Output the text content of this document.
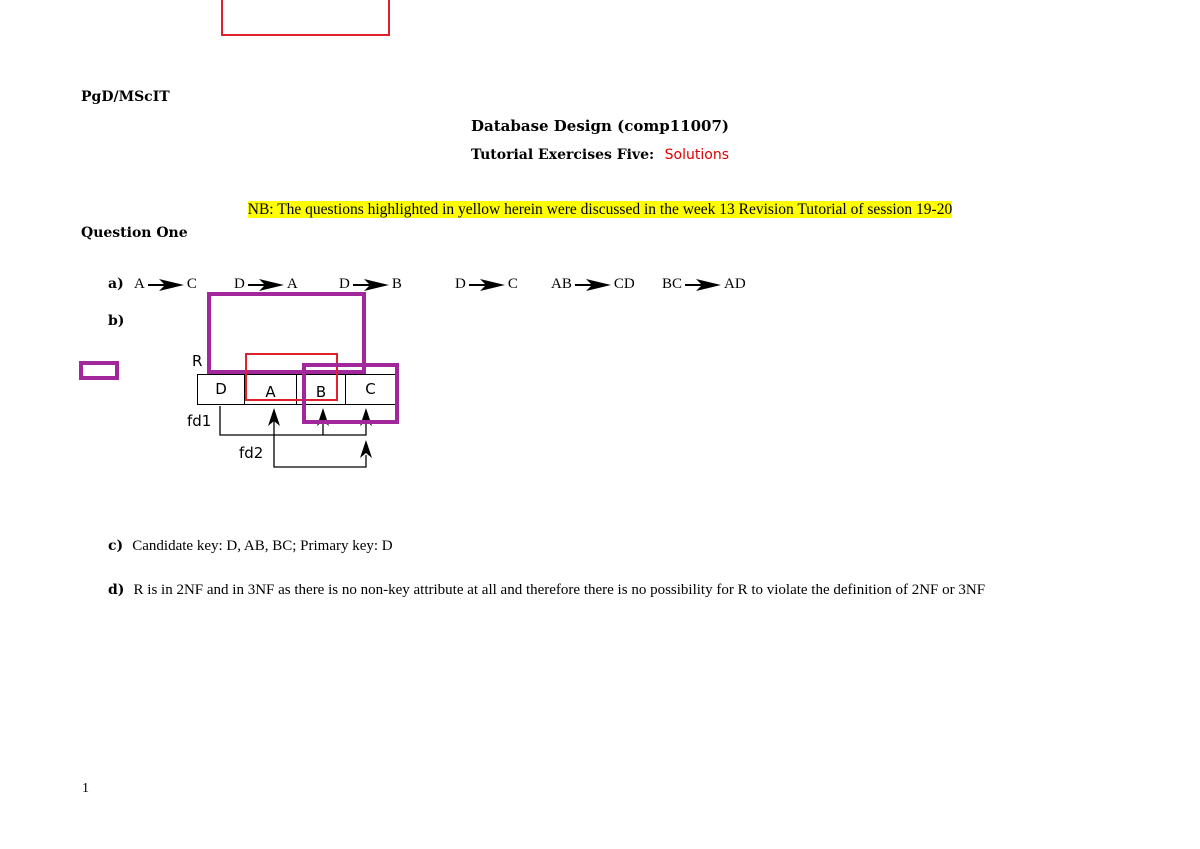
PgD/MScIT
Database Design (comp11007)
Tutorial Exercises Five: Solutions
NB: The questions highlighted in yellow herein were discussed in the week 13 Revision Tutorial of session 19-20
Question One
a) A	C D	A	D	B	D	C AB	CD BC	AD
b)
R
D	A	B	C
fd1
fd2
c) Candidate key: D, AB, BC; Primary key: D
d) R is in 2NF and in 3NF as there is no non-key attribute at all and therefore there is no possibility for R to violate the definition of 2NF or 3NF
1
